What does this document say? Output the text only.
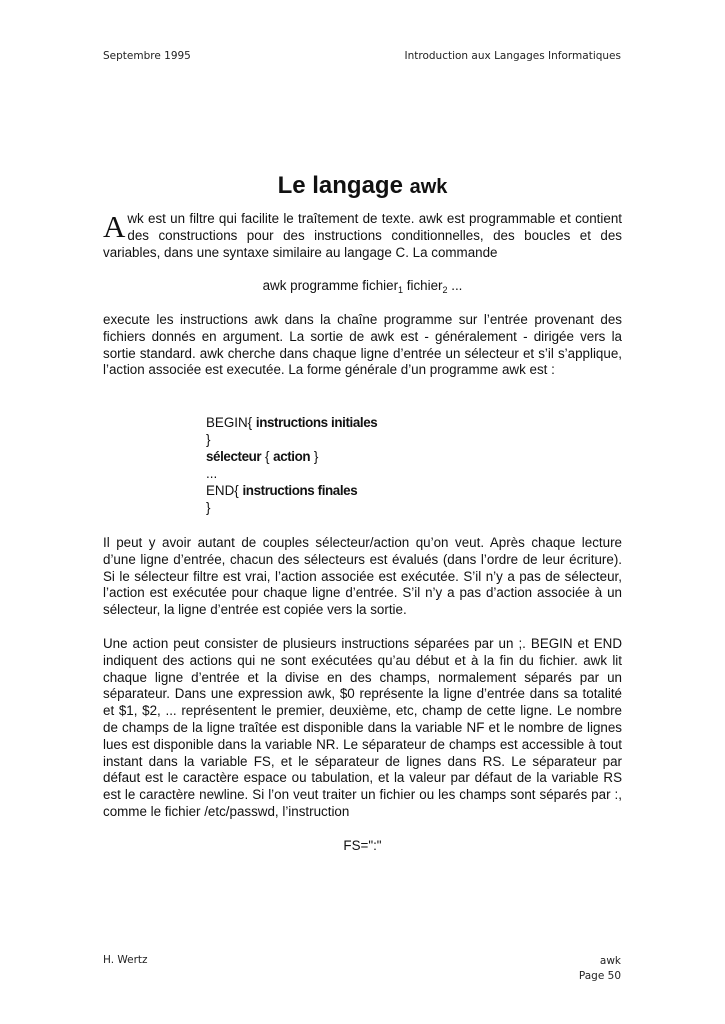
Septembre 1995	Introduction aux Langages Informatiques
Le langage awk
A wk est un filtre qui facilite le traîtement de texte. awk est programmable et contient des constructions pour des instructions conditionnelles, des boucles et des variables, dans une syntaxe similaire au langage C. La commande
awk programme fichier$_1$ fichier$_2$ ...
execute les instructions awk dans la chaîne programme sur l’entrée provenant des fichiers donnés en argument. La sortie de awk est - généralement - dirigée vers la sortie standard. awk cherche dans chaque ligne d’entrée un sélecteur et s’il s’applique, l’action associée est executée. La forme générale d’un programme awk est :
BEGIN{ instructions initiales
}
sélecteur { action }
...
END{ instructions finales
}
Il peut y avoir autant de couples sélecteur/action qu’on veut. Après chaque lecture d’une ligne d’entrée, chacun des sélecteurs est évalués (dans l’ordre de leur écriture). Si le sélecteur filtre est vrai, l’action associée est exécutée. S’il n’y a pas de sélecteur, l’action est exécutée pour chaque ligne d’entrée. S’il n’y a pas d’action associée à un sélecteur, la ligne d’entrée est copiée vers la sortie.
Une action peut consister de plusieurs instructions séparées par un ;. BEGIN et END indiquent des actions qui ne sont exécutées qu’au début et à la fin du fichier. awk lit chaque ligne d’entrée et la divise en des champs, normalement séparés par un séparateur. Dans une expression awk, $0 représente la ligne d’entrée dans sa totalité et $1, $2, ... représentent le premier, deuxième, etc, champ de cette ligne. Le nombre de champs de la ligne traîtée est disponible dans la variable NF et le nombre de lignes lues est disponible dans la variable NR. Le séparateur de champs est accessible à tout instant dans la variable FS, et le séparateur de lignes dans RS. Le séparateur par défaut est le caractère espace ou tabulation, et la valeur par défaut de la variable RS est le caractère newline. Si l’on veut traiter un fichier ou les champs sont séparés par :, comme le fichier /etc/passwd, l’instruction
FS=":"
H. Wertz	awk
Page 50
